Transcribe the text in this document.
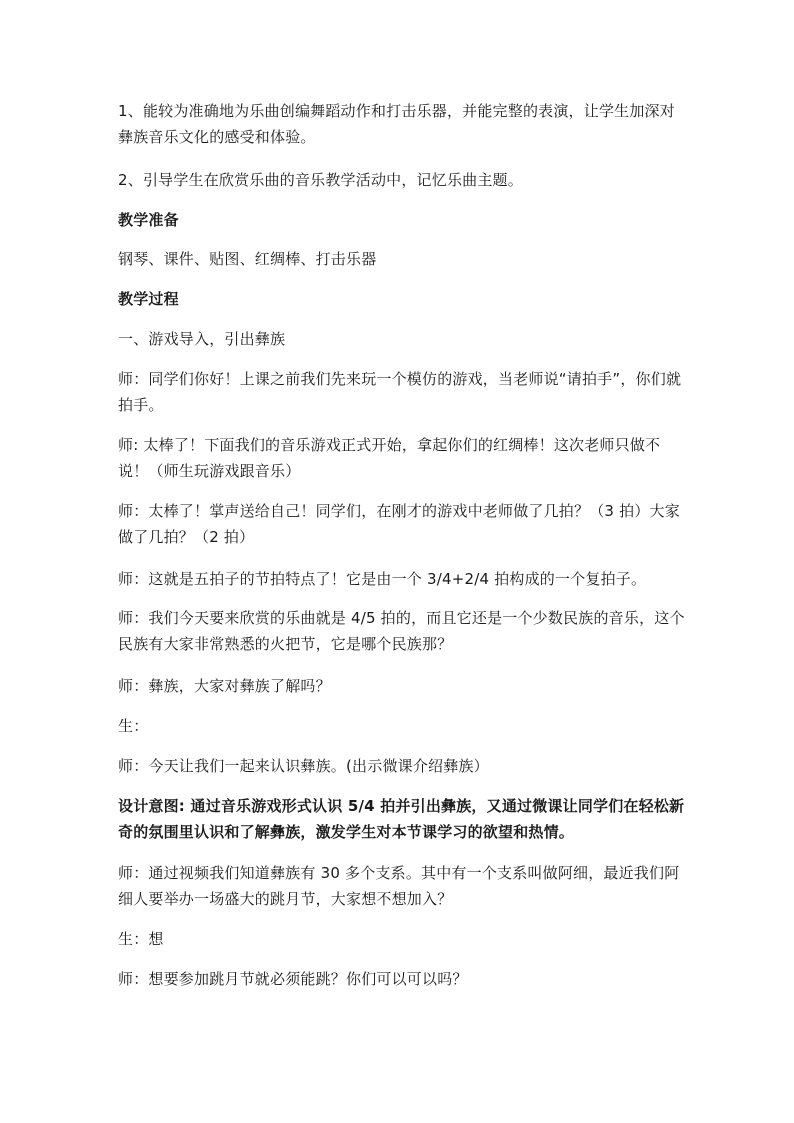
1、能较为准确地为乐曲创编舞蹈动作和打击乐器，并能完整的表演，让学生加深对彝族音乐文化的感受和体验。

2、引导学生在欣赏乐曲的音乐教学活动中，记忆乐曲主题。

教学准备

钢琴、课件、贴图、红绸棒、打击乐器

教学过程

一、游戏导入，引出彝族

师：同学们你好！上课之前我们先来玩一个模仿的游戏，当老师说“请拍手”，你们就拍手。

师: 太棒了！下面我们的音乐游戏正式开始，拿起你们的红绸棒！这次老师只做不说！（师生玩游戏跟音乐）

师：太棒了！掌声送给自己！同学们，在刚才的游戏中老师做了几拍？（3 拍）大家做了几拍？（2 拍）

师：这就是五拍子的节拍特点了！它是由一个 3/4+2/4 拍构成的一个复拍子。

师：我们今天要来欣赏的乐曲就是 4/5 拍的，而且它还是一个少数民族的音乐，这个民族有大家非常熟悉的火把节，它是哪个民族那？

师：彝族，大家对彝族了解吗？

生：

师：今天让我们一起来认识彝族。(出示微课介绍彝族）

设计意图: 通过音乐游戏形式认识 5/4 拍并引出彝族，又通过微课让同学们在轻松新奇的氛围里认识和了解彝族，激发学生对本节课学习的欲望和热情。

师：通过视频我们知道彝族有 30 多个支系。其中有一个支系叫做阿细，最近我们阿细人要举办一场盛大的跳月节，大家想不想加入？

生：想

师：想要参加跳月节就必须能跳？你们可以可以吗？
